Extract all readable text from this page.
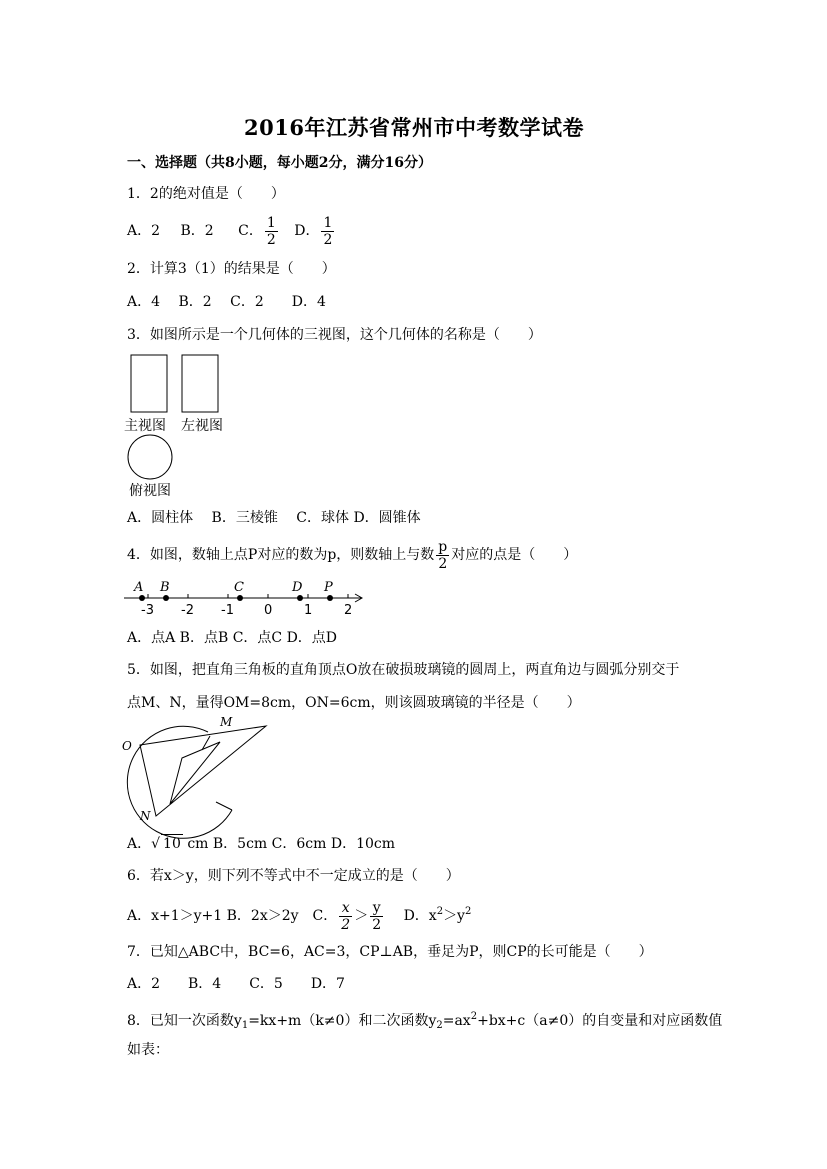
2016年江苏省常州市中考数学试卷
一、选择题（共8小题，每小题2分，满分16分）
1．﻿2的绝对值是（　　）
A．﻿2 B．2 C．﻿ $\frac{1}{2}$ D． $\frac{1}{2}$
2．计算3﻿（﻿1）的结果是（　　）
A．﻿4　 B．﻿2　 C．2　　D．4
3．如图所示是一个几何体的三视图，这个几何体的名称是（　　）
主视图 左视图
俯视图
A．圆柱体　 B．三棱锥　 C．球体 D．圆锥体
4．如图，数轴上点P对应的数为p，则数轴上与数﻿ $\frac{p}{2}$ 对应的点是（　　）
A B	C	D P
-3 -2 -1 0 1 2
A．点A B．点B C．点C D．点D
5．如图，把直角三角板的直角顶点O放在破损玻璃镜的圆周上，两直角边与圆弧分别交于
点M、N，量得OM=8cm，ON=6cm，则该圆玻璃镜的半径是（　　）
O
M
N
A．√ 10 cm B．5cm C．6cm D．10cm
6．若x＞y，则下列不等式中不一定成立的是（　　）
A．x+1＞y+1 B．2x＞2y　C． $\frac{x}{2} > \frac{y}{2}$ D．$x^2>y^2$
7．已知△ABC中，BC=6，AC=3，CP⊥AB，垂足为P，则CP的长可能是（　　）
A．2　　B．4　　C．5　　D．7
8．已知一次函数$y_1=kx+m(k\ne 0)$和二次函数$y_2=ax^2+bx+c(a\ne 0)$的自变量和对应函数值
如表：
